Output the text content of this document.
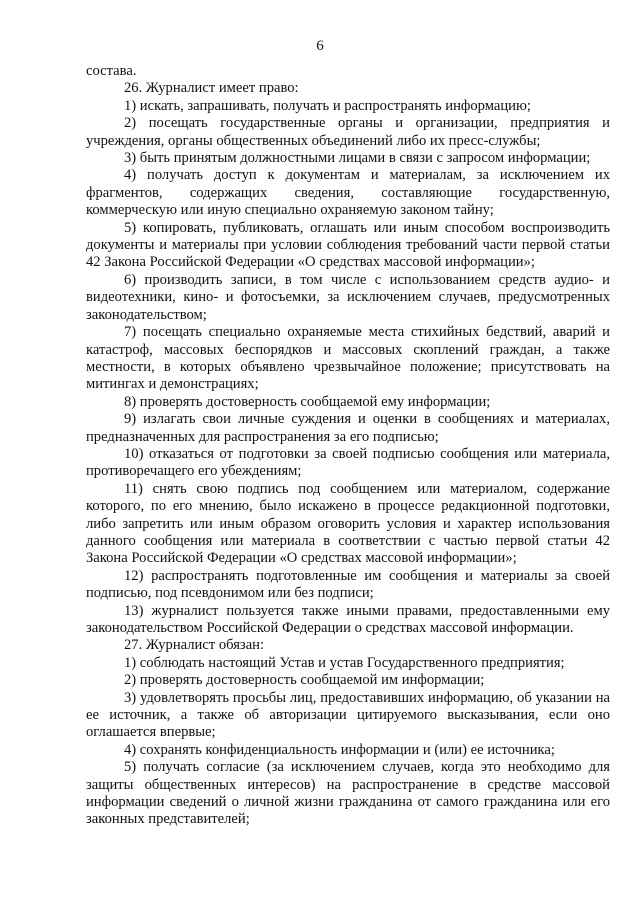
6

состава.

26. Журналист имеет право:

1) искать, запрашивать, получать и распространять информацию;

2) посещать государственные органы и организации, предприятия и учреждения, органы общественных объединений либо их пресс-службы;

3) быть принятым должностными лицами в связи с запросом информации;

4) получать доступ к документам и материалам, за исключением их фрагментов, содержащих сведения, составляющие государственную, коммерческую или иную специально охраняемую законом тайну;

5) копировать, публиковать, оглашать или иным способом воспроизводить документы и материалы при условии соблюдения требований части первой статьи 42 Закона Российской Федерации «О средствах массовой информации»;

6) производить записи, в том числе с использованием средств аудио- и видеотехники, кино- и фотосъемки, за исключением случаев, предусмотренных законодательством;

7) посещать специально охраняемые места стихийных бедствий, аварий и катастроф, массовых беспорядков и массовых скоплений граждан, а также местности, в которых объявлено чрезвычайное положение; присутствовать на митингах и демонстрациях;

8) проверять достоверность сообщаемой ему информации;

9) излагать свои личные суждения и оценки в сообщениях и материалах, предназначенных для распространения за его подписью;

10) отказаться от подготовки за своей подписью сообщения или материала, противоречащего его убеждениям;

11) снять свою подпись под сообщением или материалом, содержание которого, по его мнению, было искажено в процессе редакционной подготовки, либо запретить или иным образом оговорить условия и характер использования данного сообщения или материала в соответствии с частью первой статьи 42 Закона Российской Федерации «О средствах массовой информации»;

12) распространять подготовленные им сообщения и материалы за своей подписью, под псевдонимом или без подписи;

13) журналист пользуется также иными правами, предоставленными ему законодательством Российской Федерации о средствах массовой информации.

27. Журналист обязан:

1) соблюдать настоящий Устав и устав Государственного предприятия;

2) проверять достоверность сообщаемой им информации;

3) удовлетворять просьбы лиц, предоставивших информацию, об указании на ее источник, а также об авторизации цитируемого высказывания, если оно оглашается впервые;

4) сохранять конфиденциальность информации и (или) ее источника;

5) получать согласие (за исключением случаев, когда это необходимо для защиты общественных интересов) на распространение в средстве массовой информации сведений о личной жизни гражданина от самого гражданина или его законных представителей;
